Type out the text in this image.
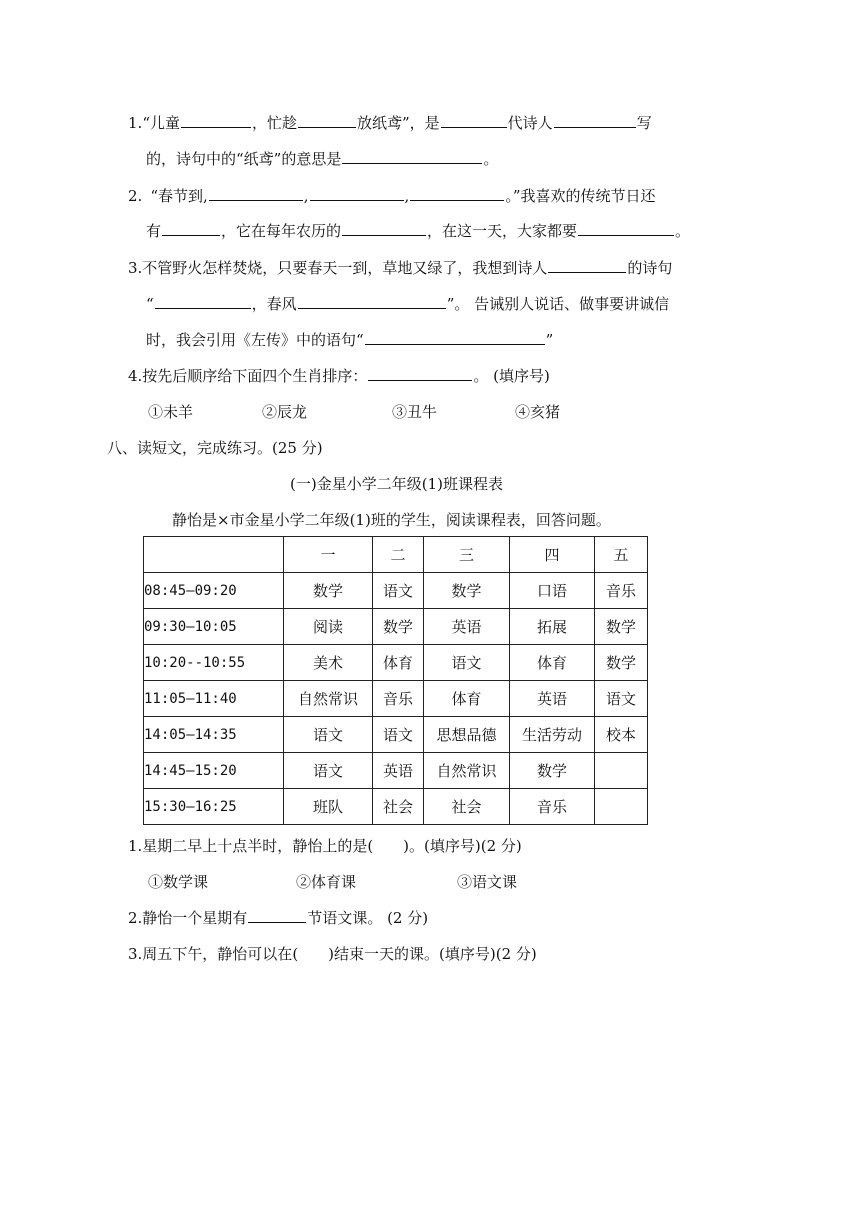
1.“儿童	，忙趁	放纸鸢”，是	代诗人	写
的，诗句中的“纸鸢”的意思是	。
2. “春节到,	,	,	。”我喜欢的传统节日还
有	，它在每年农历的	，在这一天，大家都要	。
3.不管野火怎样焚烧，只要春天一到，草地又绿了，我想到诗人	的诗句
“	，春风	”。 告诫别人说话、做事要讲诚信
时，我会引用《左传》中的语句“	”
4.按先后顺序给下面四个生肖排序：	。 (填序号)
①未羊	②辰龙	③丑牛	④亥猪
八、读短文，完成练习。(25 分)
(一)金星小学二年级(1)班课程表
静怡是×市金星小学二年级(1)班的学生，阅读课程表，回答问题。
	一	二	三	四	五
08:45—09:20	数学	语文	数学	口语	音乐
09:30—10:05	阅读	数学	英语	拓展	数学
10:20--10:55	美术	体育	语文	体育	数学
11:05—11:40	自然常识	音乐	体育	英语	语文
14:05—14:35	语文	语文	思想品德	生活劳动	校本
14:45—15:20	语文	英语	自然常识	数学	
15:30—16:25	班队	社会	社会	音乐	
1.星期二早上十点半时，静怡上的是(　　)。(填序号)(2 分)
①数学课	②体育课	③语文课
2.静怡一个星期有	节语文课。 (2 分)
3.周五下午，静怡可以在(　　)结束一天的课。(填序号)(2 分)
